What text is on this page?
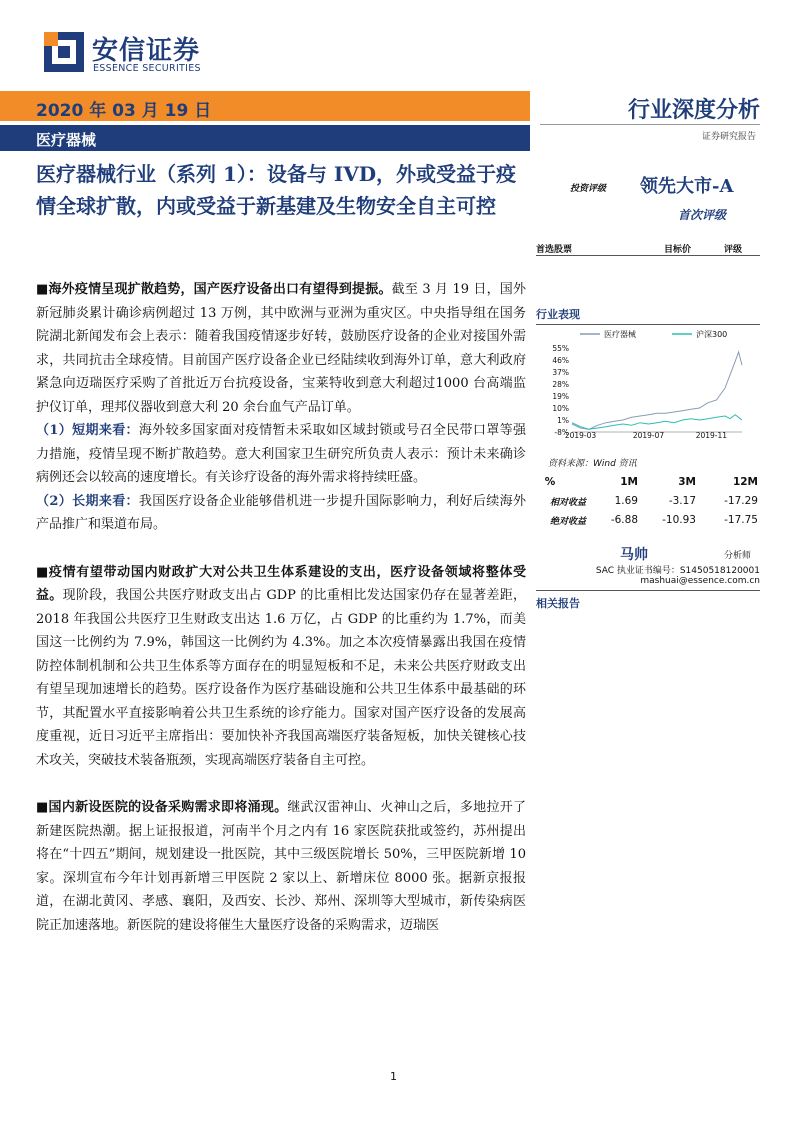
安信证券
ESSENCE SECURITIES
2020 年 03 月 19 日
医疗器械
行业深度分析
证券研究报告
医疗器械行业（系列 1）：设备与 IVD，外或受益于疫情全球扩散，内或受益于新基建及生物安全自主可控
投资评级 领先大市-A
首次评级
首选股票	目标价	评级

■海外疫情呈现扩散趋势，国产医疗设备出口有望得到提振。截至 3 月 19 日，国外新冠肺炎累计确诊病例超过 13 万例，其中欧洲与亚洲为重灾区。中央指导组在国务院湖北新闻发布会上表示：随着我国疫情逐步好转，鼓励医疗设备的企业对接国外需求，共同抗击全球疫情。目前国产医疗设备企业已经陆续收到海外订单，意大利政府紧急向迈瑞医疗采购了首批近万台抗疫设备，宝莱特收到意大利超过1000 台高端监护仪订单，理邦仪器收到意大利 20 余台血气产品订单。

（1）短期来看：海外较多国家面对疫情暂未采取如区域封锁或号召全民带口罩等强力措施，疫情呈现不断扩散趋势。意大利国家卫生研究所负责人表示：预计未来确诊病例还会以较高的速度增长。有关诊疗设备的海外需求将持续旺盛。

（2）长期来看：我国医疗设备企业能够借机进一步提升国际影响力，利好后续海外产品推广和渠道布局。

■疫情有望带动国内财政扩大对公共卫生体系建设的支出，医疗设备领域将整体受益。现阶段，我国公共医疗财政支出占 GDP 的比重相比发达国家仍存在显著差距，2018 年我国公共医疗卫生财政支出达 1.6 万亿，占 GDP 的比重约为 1.7%，而美国这一比例约为 7.9%，韩国这一比例约为 4.3%。加之本次疫情暴露出我国在疫情防控体制机制和公共卫生体系等方面存在的明显短板和不足，未来公共医疗财政支出有望呈现加速增长的趋势。医疗设备作为医疗基础设施和公共卫生体系中最基础的环节，其配置水平直接影响着公共卫生系统的诊疗能力。国家对国产医疗设备的发展高度重视，近日习近平主席指出：要加快补齐我国高端医疗装备短板，加快关键核心技术攻关，突破技术装备瓶颈，实现高端医疗装备自主可控。

■国内新设医院的设备采购需求即将涌现。继武汉雷神山、火神山之后，多地拉开了新建医院热潮。据上证报报道，河南半个月之内有 16 家医院获批或签约，苏州提出将在“十四五”期间，规划建设一批医院，其中三级医院增长 50%，三甲医院新增 10 家。深圳宣布今年计划再新增三甲医院 2 家以上、新增床位 8000 张。据新京报报道，在湖北黄冈、孝感、襄阳，及西安、长沙、郑州、深圳等大型城市，新传染病医院正加速落地。新医院的建设将催生大量医疗设备的采购需求，迈瑞医

行业表现
医疗器械	沪深300
55%
46%
37%
28%
19%
10%
1%
-8%
2019-03	2019-07	2019-11
资料来源：Wind 资讯
%	1M	3M	12M
相对收益	1.69	-3.17	-17.29
绝对收益	-6.88	-10.93	-17.75
马帅	分析师
SAC 执业证书编号：S1450518120001
mashuai@essence.com.cn
相关报告
1
